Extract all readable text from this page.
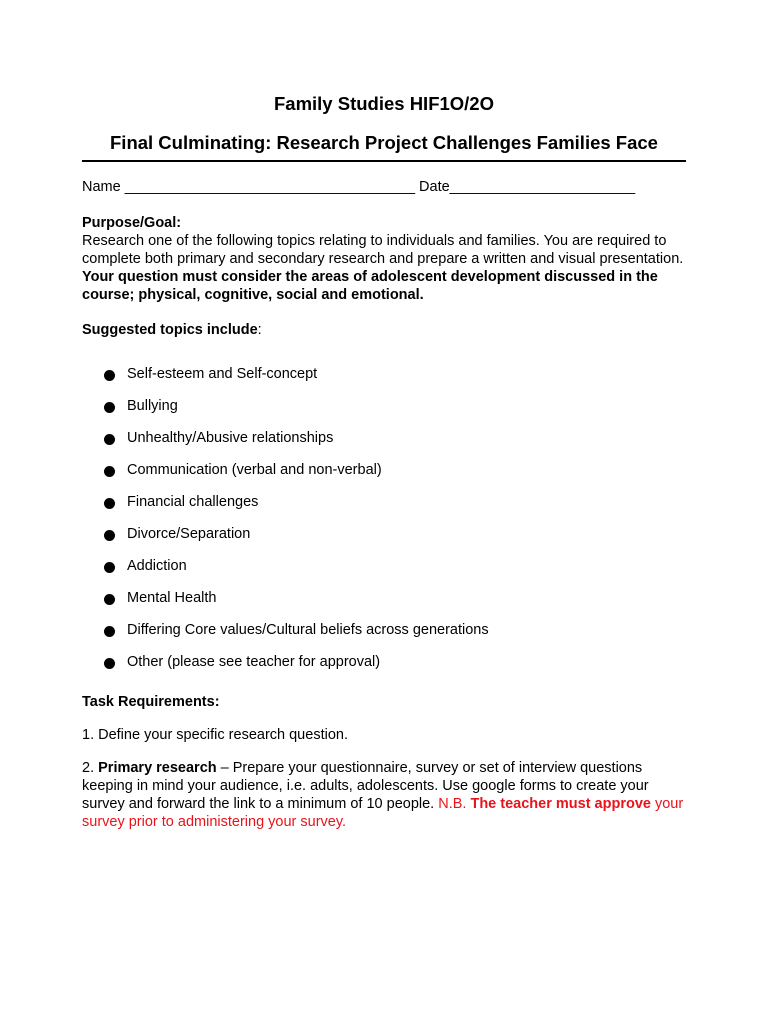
Family Studies HIF1O/2O
Final Culminating: Research Project Challenges Families Face
Name ____________________________________ Date_______________________
Purpose/Goal:
Research one of the following topics relating to individuals and families. You are required to complete both primary and secondary research and prepare a written and visual presentation. Your question must consider the areas of adolescent development discussed in the course; physical, cognitive, social and emotional.
Suggested topics include:
Self-esteem and Self-concept
Bullying
Unhealthy/Abusive relationships
Communication (verbal and non-verbal)
Financial challenges
Divorce/Separation
Addiction
Mental Health
Differing Core values/Cultural beliefs across generations
Other (please see teacher for approval)
Task Requirements:
1. Define your specific research question.
2. Primary research – Prepare your questionnaire, survey or set of interview questions keeping in mind your audience, i.e. adults, adolescents. Use google forms to create your survey and forward the link to a minimum of 10 people. N.B. The teacher must approve your survey prior to administering your survey.
